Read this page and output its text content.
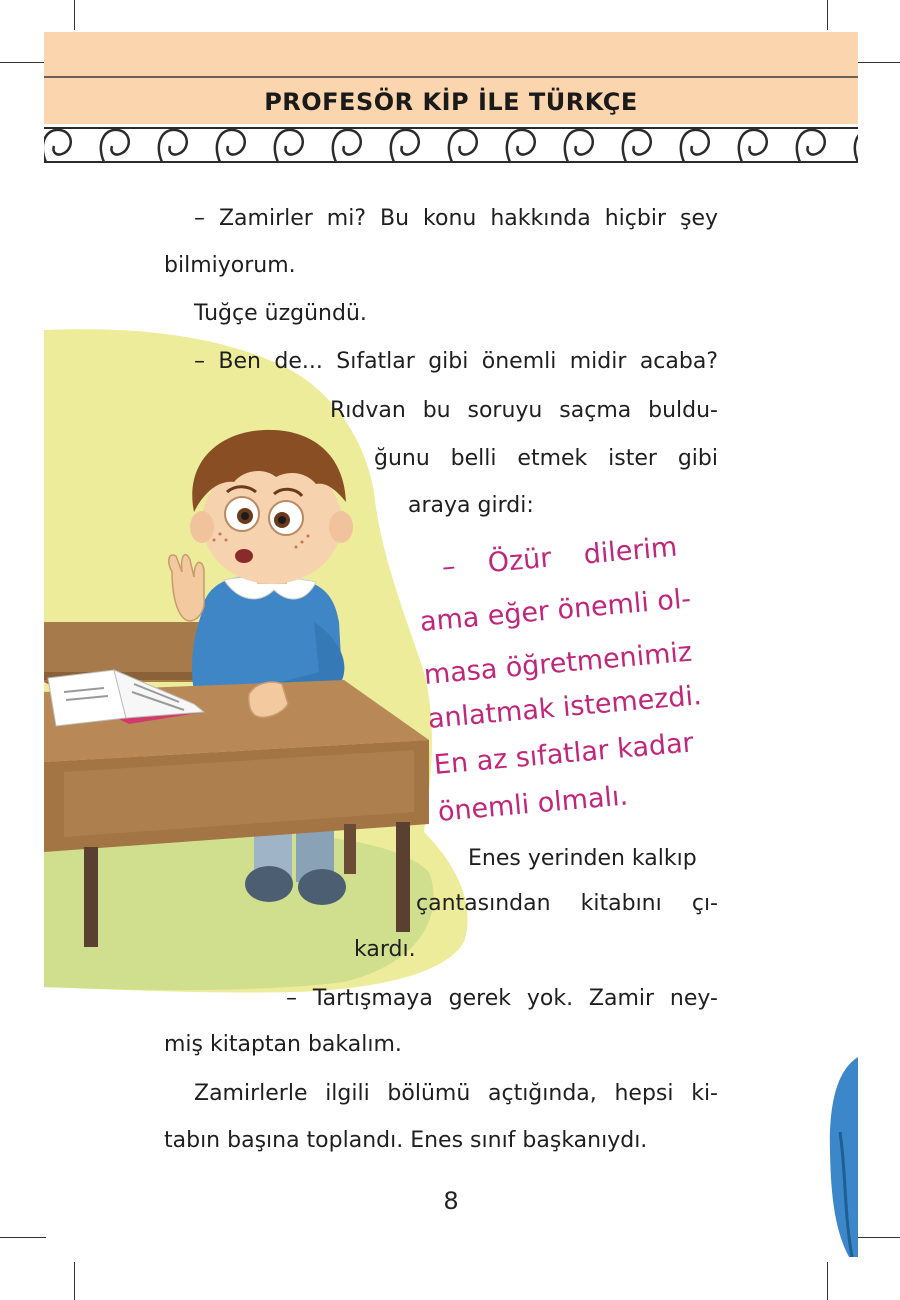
PROFESÖR KİP İLE TÜRKÇE
– Zamirler mi? Bu konu hakkında hiçbir şey
bilmiyorum.
Tuğçe üzgündü.
– Ben de... Sıfatlar gibi önemli midir acaba?
Rıdvan bu soruyu saçma buldu-
ğunu belli etmek ister gibi
araya girdi:
– Özür dilerim
ama eğer önemli ol-
masa öğretmenimiz
anlatmak istemezdi.
En az sıfatlar kadar
önemli olmalı.
Enes yerinden kalkıp
çantasından kitabını çı-
kardı.
– Tartışmaya gerek yok. Zamir ney-
miş kitaptan bakalım.
Zamirlerle ilgili bölümü açtığında, hepsi ki-
tabın başına toplandı. Enes sınıf başkanıydı.
8
